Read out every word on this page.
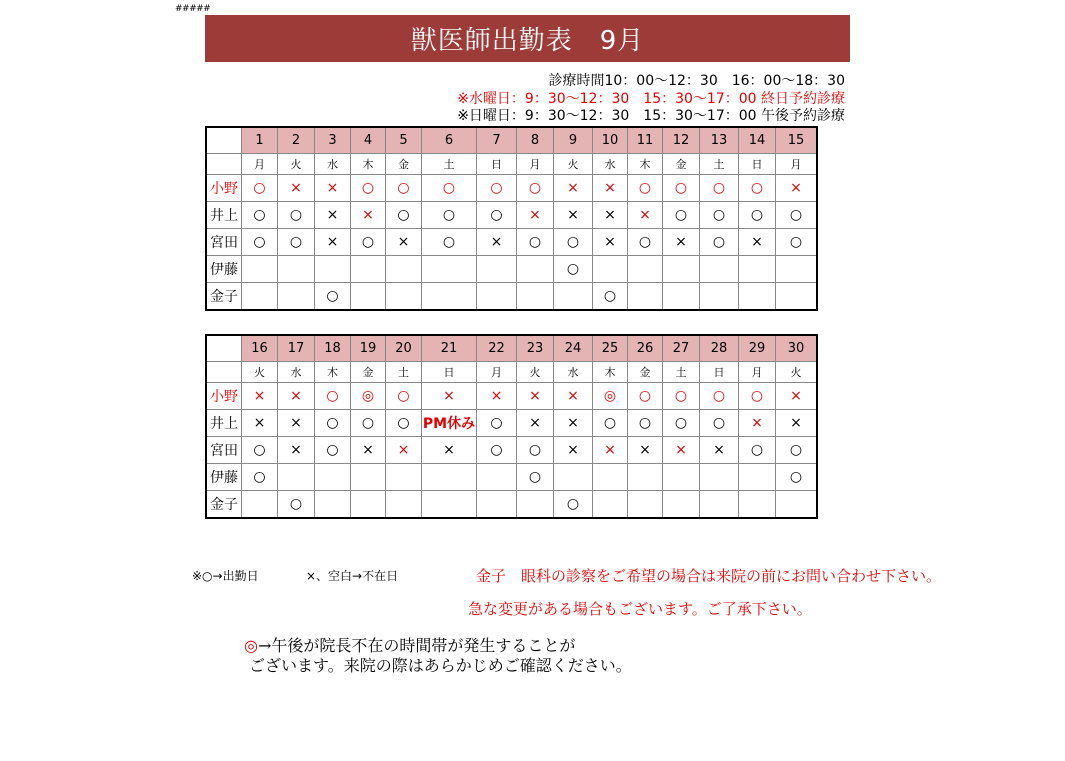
#####
獣医師出勤表　9月
診療時間10：00〜12：30　16：00〜18：30
※水曜日：9：30〜12：30　15：30〜17：00 終日予約診療
※日曜日：9：30〜12：30　15：30〜17：00 午後予約診療
	1	2	3	4	5	6	7	8	9	10	11	12	13	14	15
	月	火	水	木	金	土	日	月	火	水	木	金	土	日	月
小野	○	×	×	○	○	○	○	○	×	×	○	○	○	○	×
井上	○	○	×	×	○	○	○	×	×	×	×	○	○	○	○
宮田	○	○	×	○	×	○	×	○	○	×	○	×	○	×	○
伊藤									○						
金子			○							○					
	16	17	18	19	20	21	22	23	24	25	26	27	28	29	30
	火	水	木	金	土	日	月	火	水	木	金	土	日	月	火
小野	×	×	○	◎	○	×	×	×	×	◎	○	○	○	○	×
井上	×	×	○	○	○	PM休み	○	×	×	○	○	○	○	×	×
宮田	○	×	○	×	×	×	○	○	×	×	×	×	×	○	○
伊藤	○							○							○
金子		○							○						
※○→出勤日	×、空白→不在日	金子　眼科の診察をご希望の場合は来院の前にお問い合わせ下さい。
急な変更がある場合もございます。ご了承下さい。
◎→午後が院長不在の時間帯が発生することが
ございます。来院の際はあらかじめご確認ください。
